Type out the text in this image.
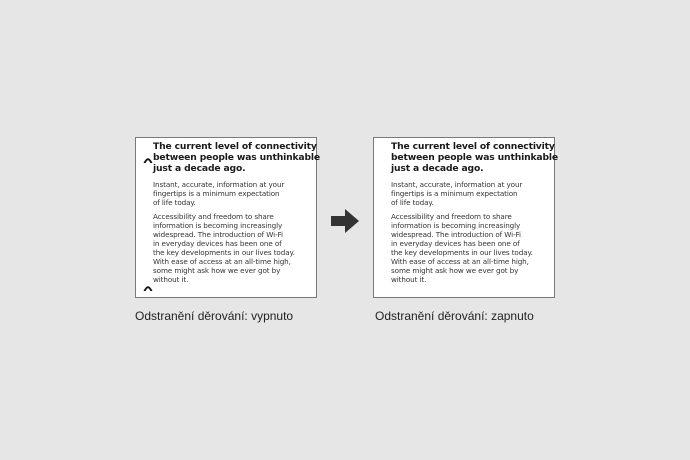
The current level of connectivity
between people was unthinkable
just a decade ago.
Instant, accurate, information at your
fingertips is a minimum expectation
of life today.
Accessibility and freedom to share
information is becoming increasingly
widespread. The introduction of Wi-Fi
in everyday devices has been one of
the key developments in our lives today.
With ease of access at an all-time high,
some might ask how we ever got by
without it.
Odstranění děrování: vypnuto
The current level of connectivity
between people was unthinkable
just a decade ago.
Instant, accurate, information at your
fingertips is a minimum expectation
of life today.
Accessibility and freedom to share
information is becoming increasingly
widespread. The introduction of Wi-Fi
in everyday devices has been one of
the key developments in our lives today.
With ease of access at an all-time high,
some might ask how we ever got by
without it.
Odstranění děrování: zapnuto
